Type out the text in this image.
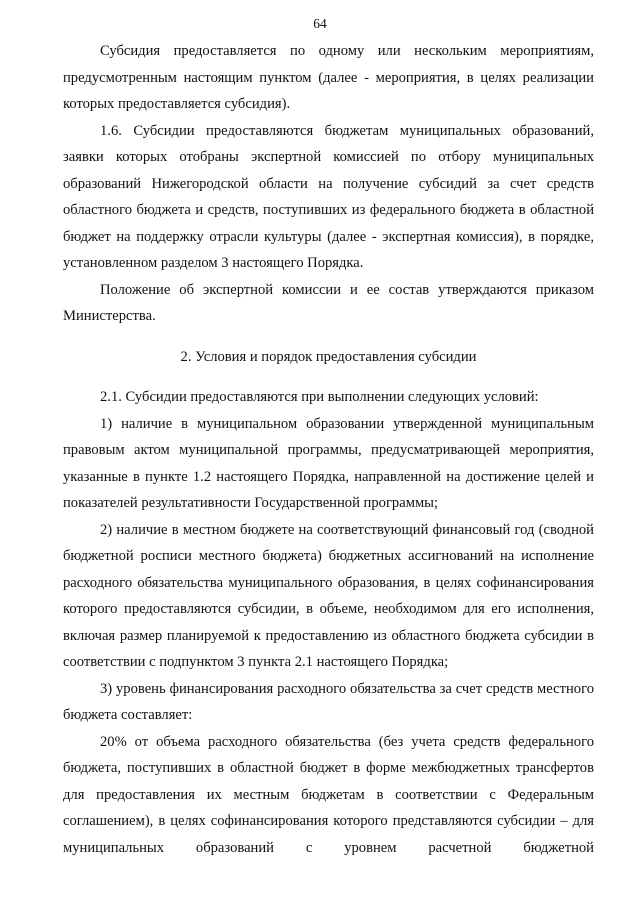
64

Субсидия предоставляется по одному или нескольким мероприятиям, предусмотренным настоящим пунктом (далее - мероприятия, в целях реализации которых предоставляется субсидия).

1.6. Субсидии предоставляются бюджетам муниципальных образований, заявки которых отобраны экспертной комиссией по отбору муниципальных образований Нижегородской области на получение субсидий за счет средств областного бюджета и средств, поступивших из федерального бюджета в областной бюджет на поддержку отрасли культуры (далее - экспертная комиссия), в порядке, установленном разделом 3 настоящего Порядка.

Положение об экспертной комиссии и ее состав утверждаются приказом Министерства.

2. Условия и порядок предоставления субсидии

2.1. Субсидии предоставляются при выполнении следующих условий:

1) наличие в муниципальном образовании утвержденной муниципальным правовым актом муниципальной программы, предусматривающей мероприятия, указанные в пункте 1.2 настоящего Порядка, направленной на достижение целей и показателей результативности Государственной программы;

2) наличие в местном бюджете на соответствующий финансовый год (сводной бюджетной росписи местного бюджета) бюджетных ассигнований на исполнение расходного обязательства муниципального образования, в целях софинансирования которого предоставляются субсидии, в объеме, необходимом для его исполнения, включая размер планируемой к предоставлению из областного бюджета субсидии в соответствии с подпунктом 3 пункта 2.1 настоящего Порядка;

3) уровень финансирования расходного обязательства за счет средств местного бюджета составляет:

20% от объема расходного обязательства (без учета средств федерального бюджета, поступивших в областной бюджет в форме межбюджетных трансфертов для предоставления их местным бюджетам в соответствии с Федеральным соглашением), в целях софинансирования которого представляются субсидии – для муниципальных образований с уровнем расчетной бюджетной
